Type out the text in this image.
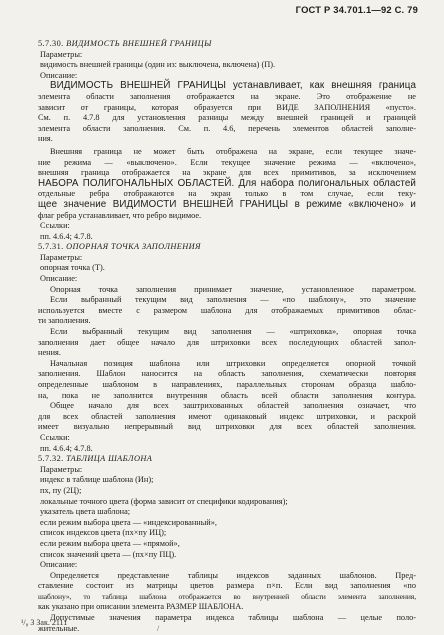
ГОСТ Р 34.701.1—92 С. 79
5.7.30. ВИДИМОСТЬ ВНЕШНЕЙ ГРАНИЦЫ
Параметры:
видимость внешней границы (один из: выключена, включена) (П).
Описание:
ВИДИМОСТЬ ВНЕШНЕЙ ГРАНИЦЫ устанавливает, как внешняя граница
элемента области заполнения отображается на экране. Это отображение не
зависит от границы, которая образуется при ВИДЕ ЗАПОЛНЕНИЯ «пусто».
См. п. 4.7.8 для установления разницы между внешней границей и границей
элемента области заполнения. См. п. 4.6, перечень элементов областей заполне-
ния.
Внешняя граница не может быть отображена на экране, если текущее значе-
ние режима — «выключено». Если текущее значение режима — «включено»,
внешняя граница отображается на экране для всех примитивов, за исключением
НАБОРА ПОЛИГОНАЛЬНЫХ ОБЛАСТЕЙ. Для набора полигональных областей
отдельные ребра отображаются на экран только в том случае, если теку-
щее значение ВИДИМОСТИ ВНЕШНЕЙ ГРАНИЦЫ в режиме «включено» и
флаг ребра устанавливает, что ребро видимое.
Ссылки:
пп. 4.6.4; 4.7.8.
5.7.31. ОПОРНАЯ ТОЧКА ЗАПОЛНЕНИЯ
Параметры:
опорная точка (Т).
Описание:
Опорная точка заполнения принимает значение, установленное параметром.
Если выбранный текущим вид заполнения — «по шаблону», это значение
используется вместе с размером шаблона для отображаемых примитивов облас-
ти заполнения.
Если выбранный текущим вид заполнения — «штриховка», опорная точка
заполнения дает общее начало для штриховки всех последующих областей запол-
нения.
Начальная позиция шаблона или штриховки определяется опорной точкой
заполнения. Шаблон наносится на область заполнения, схематически повторяя
определенные шаблоном в направлениях, параллельных сторонам образца шабло-
на, пока не заполнится внутренняя область всей области заполнения контура.
Общее начало для всех заштрихованных областей заполнения означает, что
для всех областей заполнения имеют одинаковый индекс штриховки, и раскрой
имеет визуально непрерывный вид штриховки для всех областей заполнения.
Ссылки:
пп. 4.6.4; 4.7.8.
5.7.32. ТАБЛИЦА ШАБЛОНА
Параметры:
индекс в таблице шаблона (Ин);
пх, пу (2Ц);
локальные точного цвета (форма зависит от специфики кодирования);
указатель цвета шаблона;
если режим выбора цвета — «индексированный»,
список индексов цвета (пх×пу ИЦ);
если режим выбора цвета — «прямой»,
список значений цвета — (пх×пу ПЦ).
Описание:
Определяется представление таблицы индексов заданных шаблонов. Пред-
ставление состоит из матрицы цветов размера п×п. Если вид заполнения «по
шаблону», то таблица шаблона отображается во внутренней области элемента заполнения,
как указано при описании элемента РАЗМЕР ШАБЛОНА.
Допустимые значения параметра индекса таблицы шаблона — целые поло-
жительные.
¹/₈ 3 Зак. 2111
/
